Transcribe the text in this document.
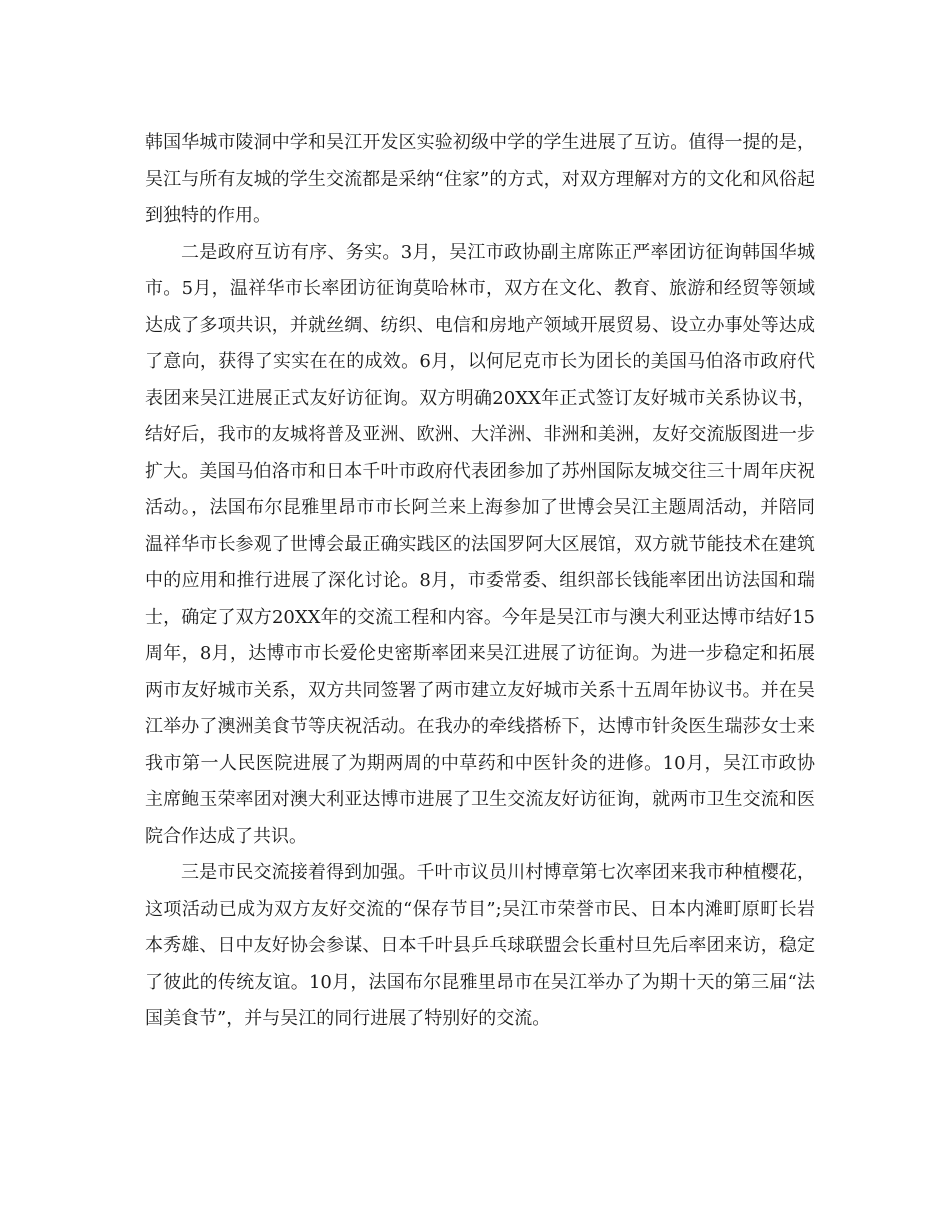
韩国华城市陵洞中学和吴江开发区实验初级中学的学生进展了互访。值得一提的是，吴江与所有友城的学生交流都是采纳“住家”的方式，对双方理解对方的文化和风俗起到独特的作用。

二是政府互访有序、务实。3月，吴江市政协副主席陈正严率团访征询韩国华城市。5月，温祥华市长率团访征询莫哈林市，双方在文化、教育、旅游和经贸等领域达成了多项共识，并就丝绸、纺织、电信和房地产领域开展贸易、设立办事处等达成了意向，获得了实实在在的成效。6月，以何尼克市长为团长的美国马伯洛市政府代表团来吴江进展正式友好访征询。双方明确20XX年正式签订友好城市关系协议书，结好后，我市的友城将普及亚洲、欧洲、大洋洲、非洲和美洲，友好交流版图进一步扩大。美国马伯洛市和日本千叶市政府代表团参加了苏州国际友城交往三十周年庆祝活动。，法国布尔昆雅里昂市市长阿兰来上海参加了世博会吴江主题周活动，并陪同温祥华市长参观了世博会最正确实践区的法国罗阿大区展馆，双方就节能技术在建筑中的应用和推行进展了深化讨论。8月，市委常委、组织部长钱能率团出访法国和瑞士，确定了双方20XX年的交流工程和内容。今年是吴江市与澳大利亚达博市结好15周年，8月，达博市市长爱伦史密斯率团来吴江进展了访征询。为进一步稳定和拓展两市友好城市关系，双方共同签署了两市建立友好城市关系十五周年协议书。并在吴江举办了澳洲美食节等庆祝活动。在我办的牵线搭桥下，达博市针灸医生瑞莎女士来我市第一人民医院进展了为期两周的中草药和中医针灸的进修。10月，吴江市政协主席鲍玉荣率团对澳大利亚达博市进展了卫生交流友好访征询，就两市卫生交流和医院合作达成了共识。

三是市民交流接着得到加强。千叶市议员川村博章第七次率团来我市种植樱花，这项活动已成为双方友好交流的“保存节目”;吴江市荣誉市民、日本内滩町原町长岩本秀雄、日中友好协会参谋、日本千叶县乒乓球联盟会长重村旦先后率团来访，稳定了彼此的传统友谊。10月，法国布尔昆雅里昂市在吴江举办了为期十天的第三届“法国美食节”，并与吴江的同行进展了特别好的交流。
